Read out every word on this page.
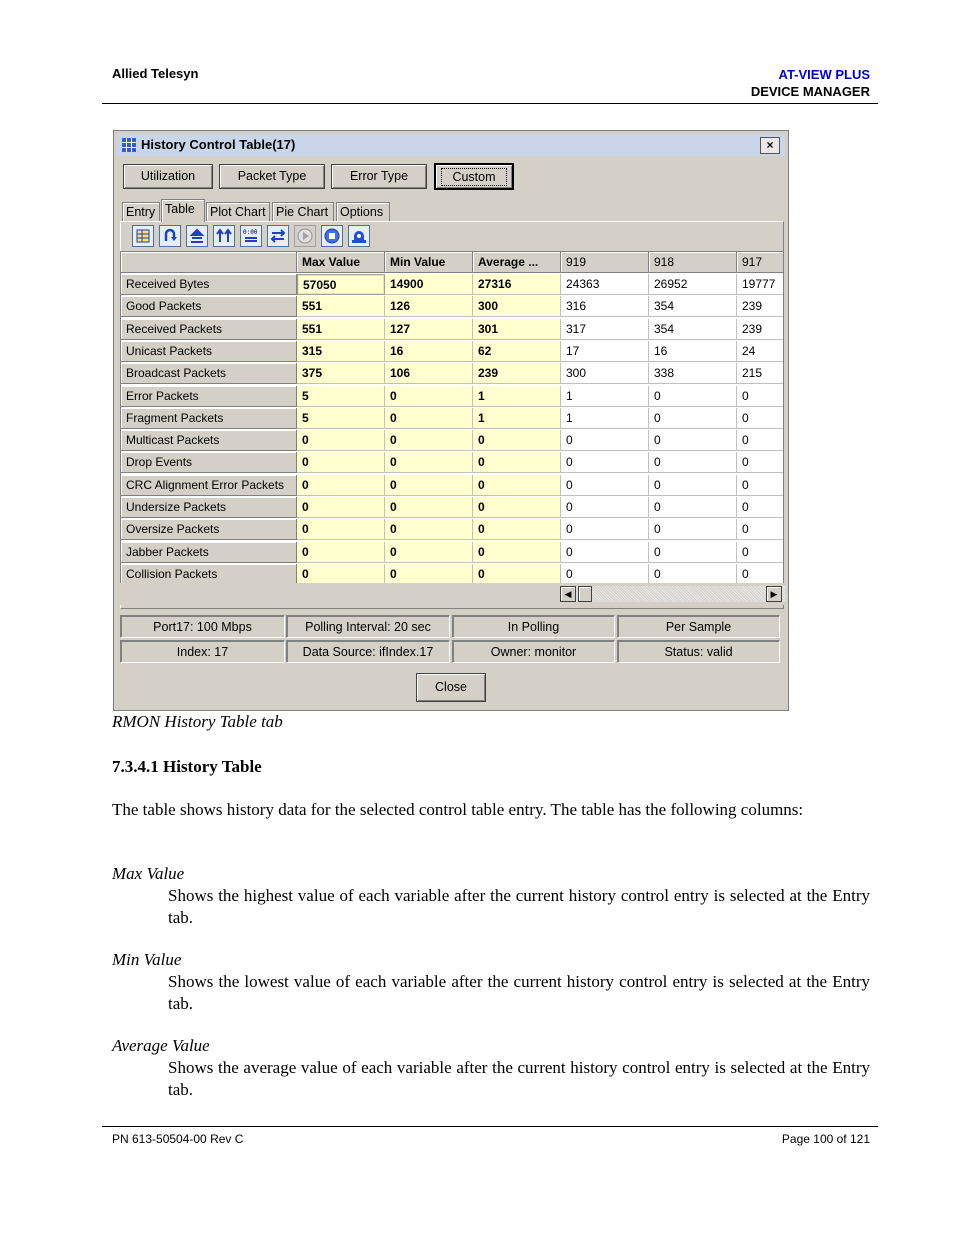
Allied Telesyn	AT-VIEW PLUS
DEVICE MANAGER
History Control Table(17)	×
Utilization	Packet Type	Error Type	Custom
Entry Table	Plot Chart Pie Chart Options
0:00
Max Value	Min Value	Average ...	919	918	917
Received Bytes	57050	14900	27316	24363	26952	19777
Good Packets	551	126	300	316	354	239
Received Packets	551	127	301	317	354	239
Unicast Packets	315	16	62	17	16	24
Broadcast Packets	375	106	239	300	338	215
Error Packets	5	0	1	1	0	0
Fragment Packets	5	0	1	1	0	0
Multicast Packets	0	0	0	0	0	0
Drop Events	0	0	0	0	0	0
CRC Alignment Error Packets	0	0	0	0	0	0
Undersize Packets	0	0	0	0	0	0
Oversize Packets	0	0	0	0	0	0
Jabber Packets	0	0	0	0	0	0
Collision Packets	0	0	0	0	0	0
◀	▶
Port17: 100 Mbps	Polling Interval: 20 sec	In Polling	Per Sample
Index: 17	Data Source: ifIndex.17	Owner: monitor	Status: valid
Close
RMON History Table tab
7.3.4.1 History Table
The table shows history data for the selected control table entry. The table has the following columns:
Max Value
Shows the highest value of each variable after the current history control entry is selected at the Entry tab.
Min Value
Shows the lowest value of each variable after the current history control entry is selected at the Entry tab.
Average Value
Shows the average value of each variable after the current history control entry is selected at the Entry tab.
PN 613-50504-00 Rev C	Page 100 of 121
